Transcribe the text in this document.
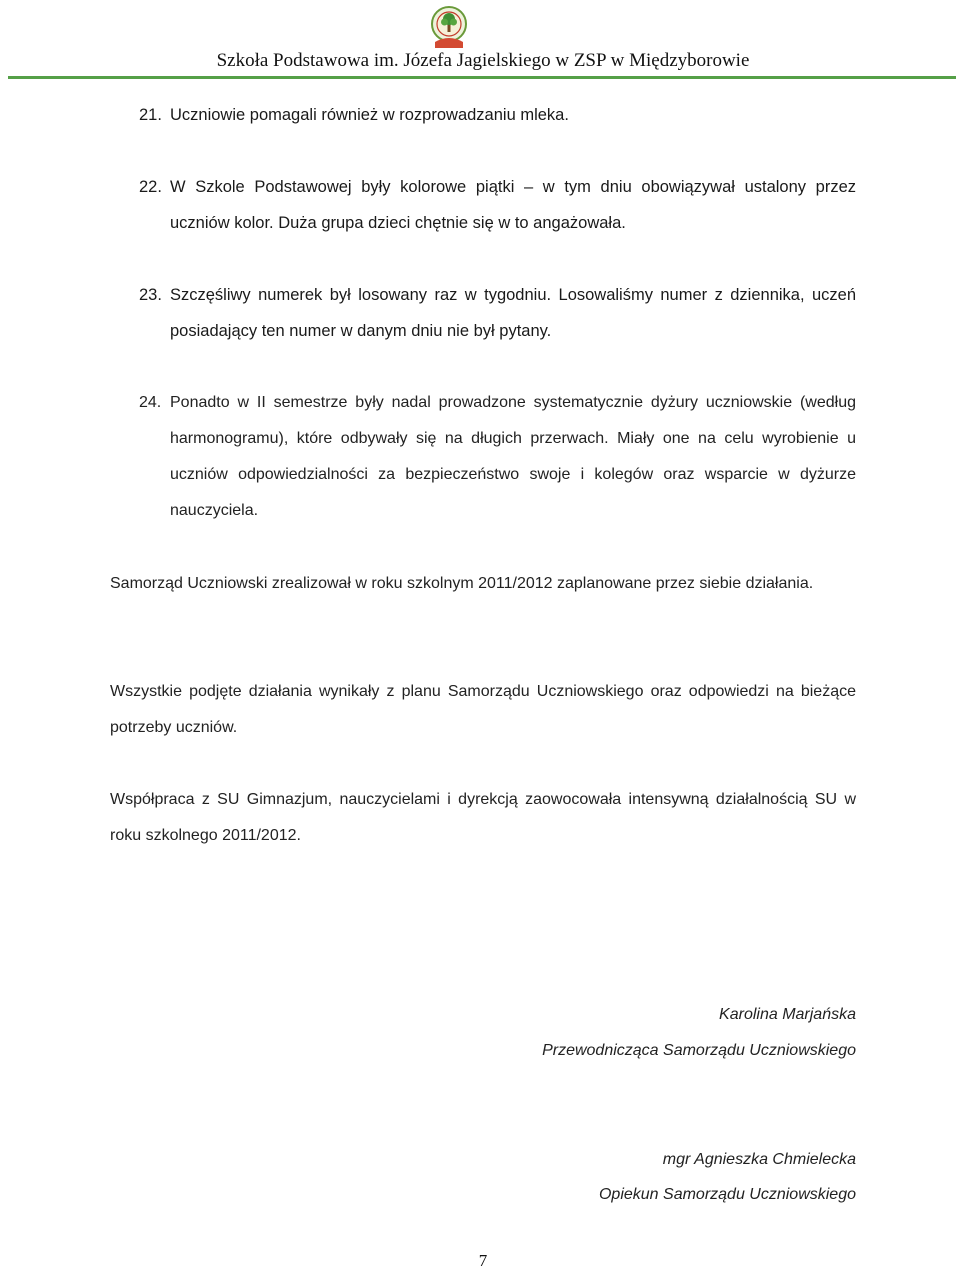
Szkoła Podstawowa im. Józefa Jagielskiego w ZSP w Międzyborowie
21. Uczniowie pomagali również w rozprowadzaniu mleka.
22. W Szkole Podstawowej były kolorowe piątki – w tym dniu obowiązywał ustalony przez uczniów kolor. Duża grupa dzieci chętnie się w to angażowała.
23. Szczęśliwy numerek był losowany raz w tygodniu. Losowaliśmy numer z dziennika, uczeń posiadający ten numer w danym dniu nie był pytany.
24. Ponadto w II semestrze były nadal prowadzone systematycznie dyżury uczniowskie (według harmonogramu), które odbywały się na długich przerwach. Miały one na celu wyrobienie u uczniów odpowiedzialności za bezpieczeństwo swoje i kolegów oraz wsparcie w dyżurze nauczyciela.
Samorząd Uczniowski zrealizował w roku szkolnym 2011/2012 zaplanowane przez siebie działania.
Wszystkie podjęte działania wynikały z planu Samorządu Uczniowskiego oraz odpowiedzi na bieżące potrzeby uczniów.
Współpraca z SU Gimnazjum, nauczycielami i dyrekcją zaowocowała intensywną działalnością SU w roku szkolnego 2011/2012.
Karolina Marjańska
Przewodnicząca Samorządu Uczniowskiego
mgr Agnieszka Chmielecka
Opiekun Samorządu Uczniowskiego
7
